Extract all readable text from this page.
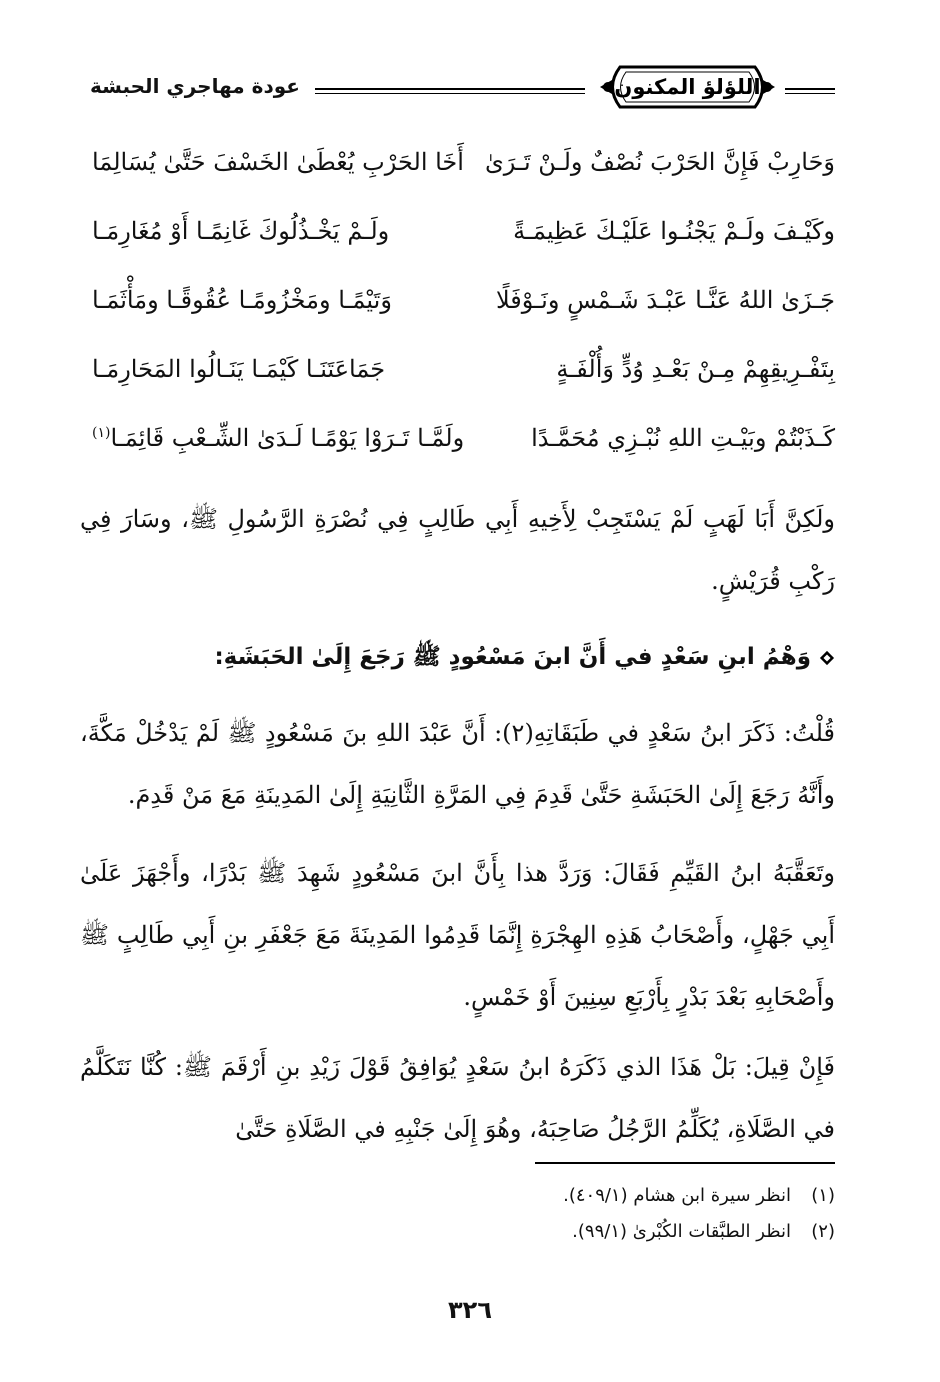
اللؤلؤ المكنون
عودة مهاجري الحبشة
وَحَارِبْ فَإِنَّ الحَرْبَ نُصْفٌ ولَـنْ تَـرَىٰ
أَخَا الحَرْبِ يُعْطَىٰ الخَسْفَ حَتَّىٰ يُسَالِمَا
وكَيْـفَ ولَـمْ يَجْنُـوا عَلَيْـكَ عَظِيمَـةً
ولَـمْ يَخْـذُلُوكَ غَانِمًـا أَوْ مُغَارِمَـا
جَـزَىٰ اللهُ عَنَّـا عَبْـدَ شَـمْسٍ ونَـوْفَلًا
وَتَيْمًـا ومَخْزُومًـا عُقُوقًـا ومَأْثَمَـا
بِتَفْـرِيقِهِمْ مِـنْ بَعْـدِ وُدٍّ وَأُلْفَـةٍ
جَمَاعَتَنَـا كَيْمَـا يَنَـالُوا المَحَارِمَـا
كَـذَبْتُمْ وبَيْـتِ اللهِ نُبْـزِي مُحَمَّـدًا
ولَمَّـا تَـرَوْا يَوْمًـا لَـدَىٰ الشِّـعْبِ قَائِمَـا$^{(١)}$
ولَكِنَّ أَبَا لَهَبٍ لَمْ يَسْتَجِبْ لِأَخِيهِ أَبِي طَالِبٍ فِي نُصْرَةِ الرَّسُولِ ﷺ، وسَارَ فِي رَكْبِ قُرَيْشٍ.
وَهْمُ ابنِ سَعْدٍ في أَنَّ ابنَ مَسْعُودٍ ﷺ رَجَعَ إِلَىٰ الحَبَشَةِ:
قُلْتُ: ذَكَرَ ابنُ سَعْدٍ في طَبَقَاتِهِ(٢): أَنَّ عَبْدَ اللهِ بنَ مَسْعُودٍ ﷺ لَمْ يَدْخُلْ مَكَّةَ، وأَنَّهُ رَجَعَ إِلَىٰ الحَبَشَةِ حَتَّىٰ قَدِمَ فِي المَرَّةِ الثَّانِيَةِ إِلَىٰ المَدِينَةِ مَعَ مَنْ قَدِمَ.
وتَعَقَّبَهُ ابنُ القَيِّمِ فَقَالَ: وَرَدَّ هذا بِأَنَّ ابنَ مَسْعُودٍ شَهِدَ ﷺ بَدْرًا، وأَجْهَزَ عَلَىٰ أَبِي جَهْلٍ، وأَصْحَابُ هَذِهِ الهِجْرَةِ إِنَّمَا قَدِمُوا المَدِينَةَ مَعَ جَعْفَرِ بنِ أَبِي طَالِبٍ ﷺ وأَصْحَابِهِ بَعْدَ بَدْرٍ بِأَرْبَعِ سِنِينَ أَوْ خَمْسٍ.
فَإِنْ قِيلَ: بَلْ هَذَا الذي ذَكَرَهُ ابنُ سَعْدٍ يُوَافِقُ قَوْلَ زَيْدِ بنِ أَرْقَمَ ﷺ: كُنَّا نَتَكَلَّمُ في الصَّلَاةِ، يُكَلِّمُ الرَّجُلُ صَاحِبَهُ، وهُوَ إِلَىٰ جَنْبِهِ في الصَّلَاةِ حَتَّىٰ
(١)انظر سيرة ابن هشام (٤٠٩/١).
(٢)انظر الطبَّقات الكُبْرىٰ (٩٩/١).
٣٢٦
